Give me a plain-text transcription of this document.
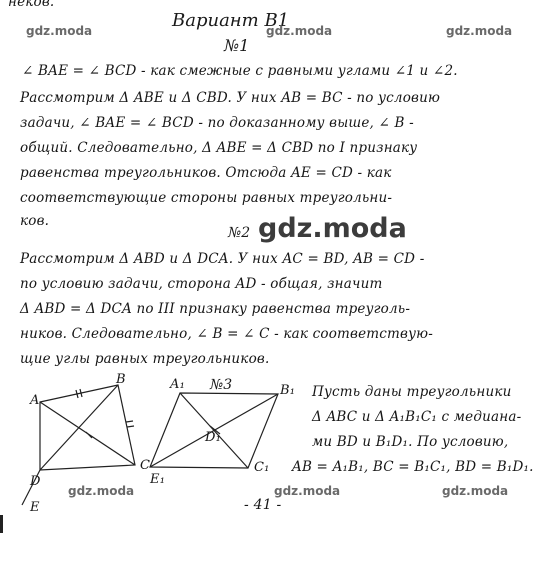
неков.
Вариант В1
№1
gdz.moda	gdz.moda	gdz.moda
∠ BAE = ∠ BCD - как смежные с равными углами ∠1 и ∠2.
Рассмотрим Δ ABE и Δ CBD. У них AB = BC - по условию
задачи, ∠ BAE = ∠ BCD - по доказанному выше, ∠ B -
общий. Следовательно, Δ ABE = Δ CBD по I признаку
равенства треугольников. Отсюда AE = CD - как
соответствующие стороны равных треугольни-
ков.
№2 gdz.moda
Рассмотрим Δ ABD и Δ DCA. У них AC = BD, AB = CD -
по условию задачи, сторона AD - общая, значит
Δ ABD = Δ DCA по III признаку равенства треуголь-
ников. Следовательно, ∠ B = ∠ C - как соответствую-
щие углы равных треугольников.
A
B
C
D
E
A₁	B₁
C₁
E₁
D₁
№3	Пусть даны треугольники
Δ ABC и Δ A₁B₁C₁ с медиана-
ми BD и B₁D₁. По условию,
AB = A₁B₁, BC = B₁C₁, BD = B₁D₁.
gdz.moda	gdz.moda	gdz.moda
- 41 -
